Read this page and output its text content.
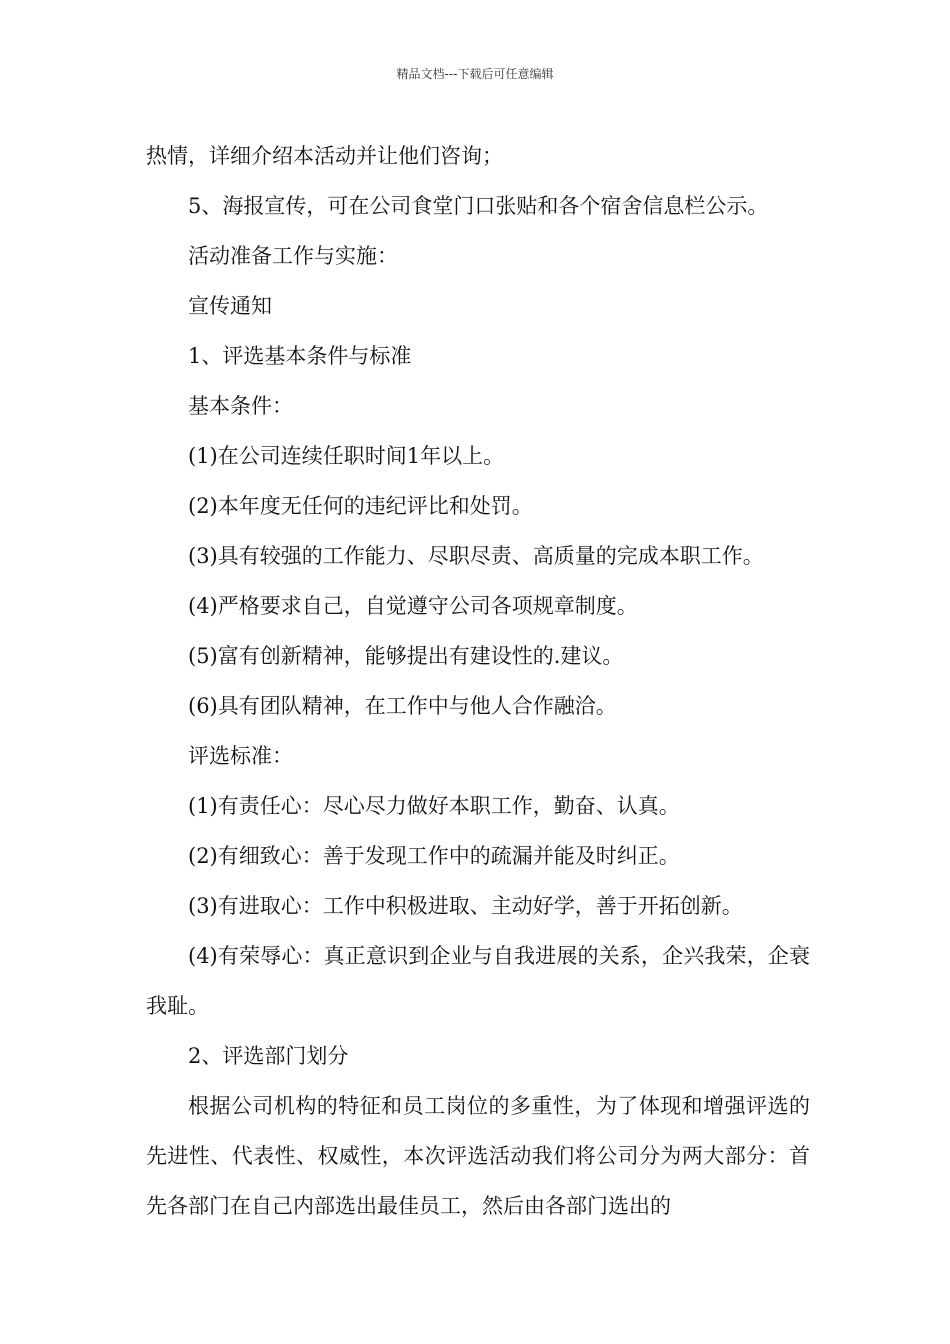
精品文档---下载后可任意编辑

热情，详细介绍本活动并让他们咨询；

5、海报宣传，可在公司食堂门口张贴和各个宿舍信息栏公示。

活动准备工作与实施：

宣传通知

1、评选基本条件与标准

基本条件：

(1)在公司连续任职时间1年以上。

(2)本年度无任何的违纪评比和处罚。

(3)具有较强的工作能力、尽职尽责、高质量的完成本职工作。

(4)严格要求自己，自觉遵守公司各项规章制度。

(5)富有创新精神，能够提出有建设性的.建议。

(6)具有团队精神，在工作中与他人合作融洽。

评选标准：

(1)有责任心：尽心尽力做好本职工作，勤奋、认真。

(2)有细致心：善于发现工作中的疏漏并能及时纠正。

(3)有进取心：工作中积极进取、主动好学，善于开拓创新。

(4)有荣辱心：真正意识到企业与自我进展的关系，企兴我荣，企衰我耻。

2、评选部门划分

根据公司机构的特征和员工岗位的多重性，为了体现和增强评选的先进性、代表性、权威性，本次评选活动我们将公司分为两大部分：首先各部门在自己内部选出最佳员工，然后由各部门选出的
